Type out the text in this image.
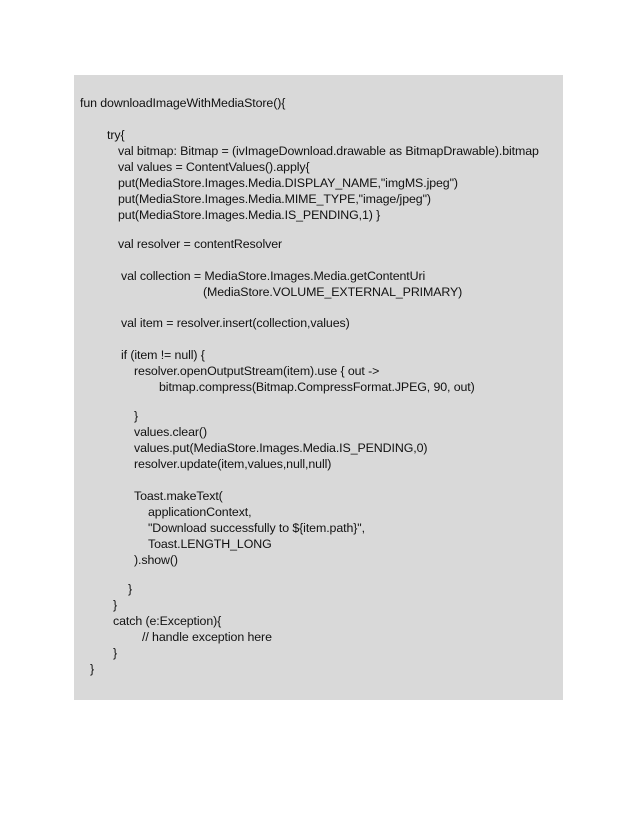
fun downloadImageWithMediaStore(){
try{
val bitmap: Bitmap = (ivImageDownload.drawable as BitmapDrawable).bitmap
val values = ContentValues().apply{
put(MediaStore.Images.Media.DISPLAY_NAME,"imgMS.jpeg")
put(MediaStore.Images.Media.MIME_TYPE,"image/jpeg")
put(MediaStore.Images.Media.IS_PENDING,1) }
val resolver = contentResolver
val collection = MediaStore.Images.Media.getContentUri
(MediaStore.VOLUME_EXTERNAL_PRIMARY)
val item = resolver.insert(collection,values)
if (item != null) {
resolver.openOutputStream(item).use { out ->
bitmap.compress(Bitmap.CompressFormat.JPEG, 90, out)
}
values.clear()
values.put(MediaStore.Images.Media.IS_PENDING,0)
resolver.update(item,values,null,null)
Toast.makeText(
applicationContext,
"Download successfully to ${item.path}",
Toast.LENGTH_LONG
).show()
}
}
catch (e:Exception){
// handle exception here
}
}
